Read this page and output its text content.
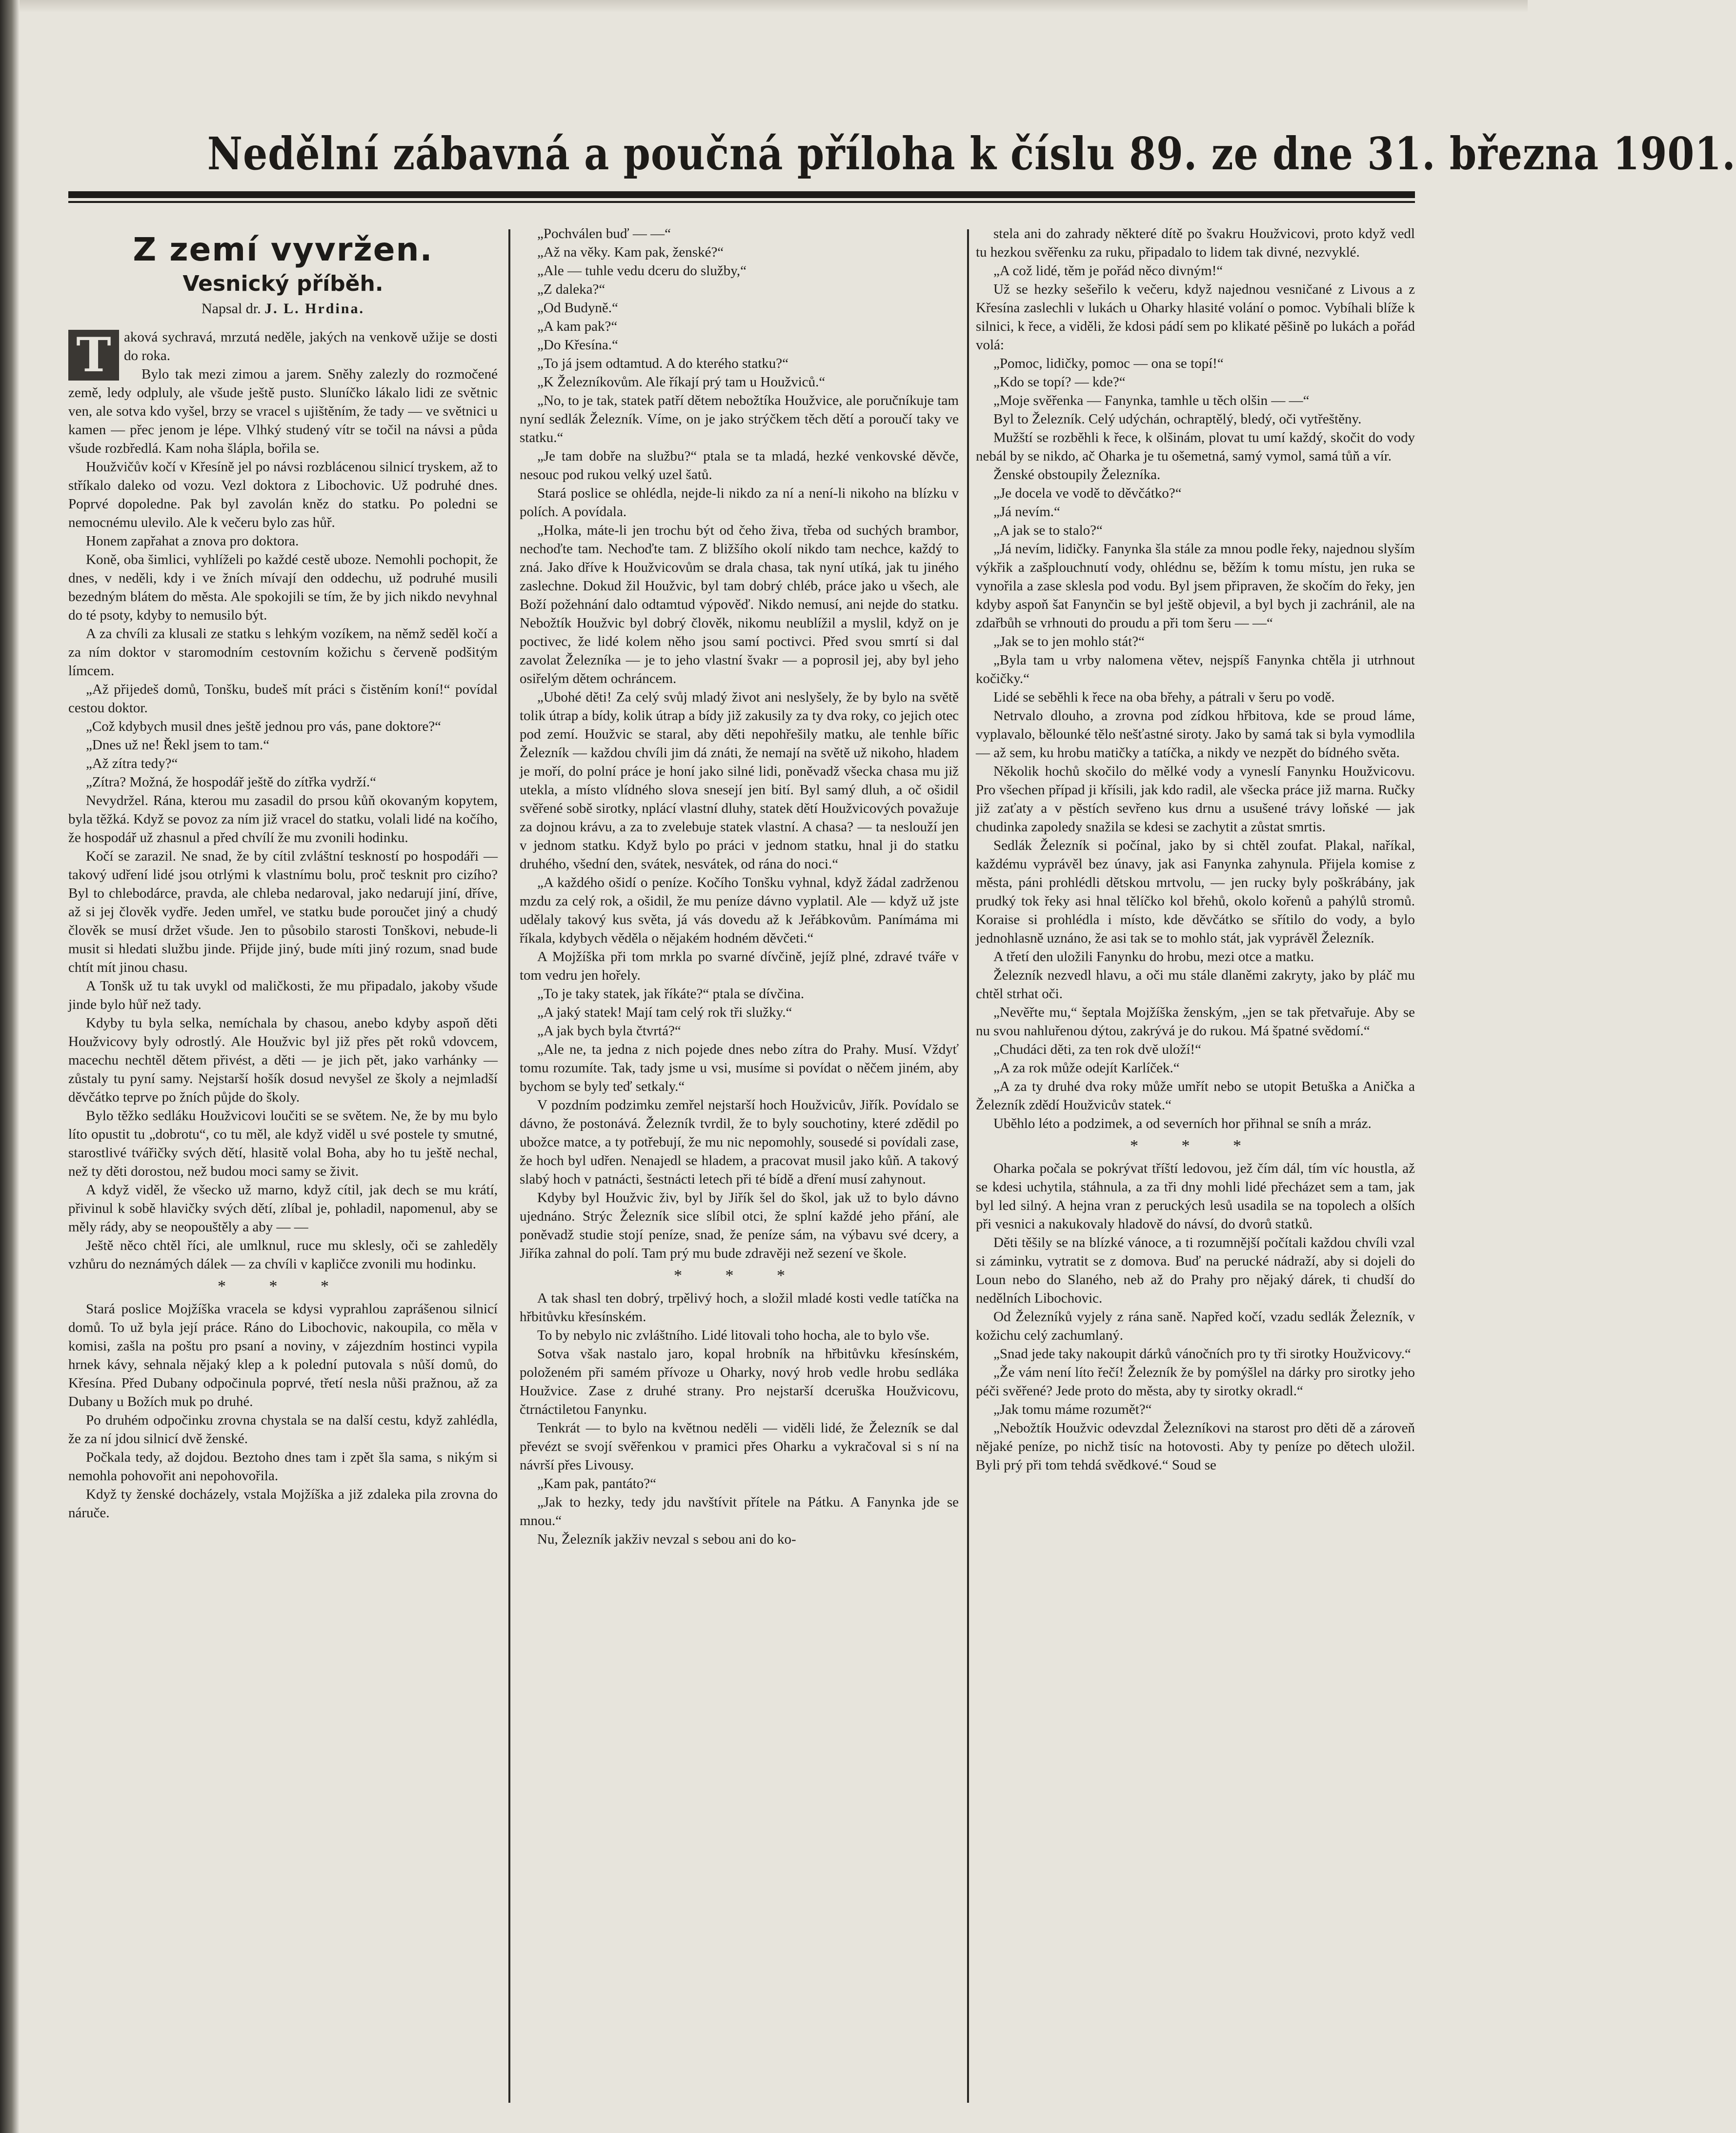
Nedělní zábavná a poučná příloha k číslu 89. ze dne 31. března 1901.
Z zemí vyvržen.
Vesnický příběh.
Napsal dr. J. L. Hrdina.

T aková sychravá, mrzutá neděle, jakých na venkově užije se dosti do roka.

Bylo tak mezi zimou a jarem. Sněhy zalezly do rozmočené země, ledy odpluly, ale všude ještě pusto. Sluníčko lákalo lidi ze světnic ven, ale sotva kdo vyšel, brzy se vracel s ujištěním, že tady — ve světnici u kamen — přec jenom je lépe. Vlhký studený vítr se točil na návsi a půda všude rozbředlá. Kam noha šlápla, bořila se.

Houžvičův kočí v Křesíně jel po návsi rozblácenou silnicí tryskem, až to stříkalo daleko od vozu. Vezl doktora z Libochovic. Už podruhé dnes. Poprvé dopoledne. Pak byl zavolán kněz do statku. Po poledni se nemocnému ulevilo. Ale k večeru bylo zas hůř.

Honem zapřahat a znova pro doktora.

Koně, oba šimlici, vyhlíželi po každé cestě uboze. Nemohli pochopit, že dnes, v neděli, kdy i ve žních mívají den oddechu, už podruhé musili bezedným blátem do města. Ale spokojili se tím, že by jich nikdo nevyhnal do té psoty, kdyby to nemusilo být.

A za chvíli za klusali ze statku s lehkým vozíkem, na němž seděl kočí a za ním doktor v staromodním cestovním kožichu s červeně podšitým límcem.

„Až přijedeš domů, Tonšku, budeš mít práci s čistěním koní!“ povídal cestou doktor.

„Což kdybych musil dnes ještě jednou pro vás, pane doktore?“

„Dnes už ne! Řekl jsem to tam.“

„Až zítra tedy?“

„Zítra? Možná, že hospodář ještě do zítřka vydrží.“

Nevydržel. Rána, kterou mu zasadil do prsou kůň okovaným kopytem, byla těžká. Když se povoz za ním již vracel do statku, volali lidé na kočího, že hospodář už zhasnul a před chvílí že mu zvonili hodinku.

Kočí se zarazil. Ne snad, že by cítil zvláštní teskností po hospodáři — takový udření lidé jsou otrlými k vlastnímu bolu, proč tesknit pro cizího? Byl to chlebodárce, pravda, ale chleba nedaroval, jako nedarují jiní, dříve, až si jej člověk vydře. Jeden umřel, ve statku bude poroučet jiný a chudý člověk se musí držet všude. Jen to působilo starosti Tonškovi, nebude-li musit si hledati službu jinde. Přijde jiný, bude míti jiný rozum, snad bude chtít mít jinou chasu.

A Tonšk už tu tak uvykl od maličkosti, že mu připadalo, jakoby všude jinde bylo hůř než tady.

Kdyby tu byla selka, nemíchala by chasou, anebo kdyby aspoň děti Houžvicovy byly odrostlý. Ale Houžvic byl již přes pět roků vdovcem, macechu nechtěl dětem přivést, a děti — je jich pět, jako varhánky — zůstaly tu pyní samy. Nejstarší hošík dosud nevyšel ze školy a nejmladší děvčátko teprve po žních půjde do školy.

Bylo těžko sedláku Houžvicovi loučiti se se světem. Ne, že by mu bylo líto opustit tu „dobrotu“, co tu měl, ale když viděl u své postele ty smutné, starostlivé tvářičky svých dětí, hlasitě volal Boha, aby ho tu ještě nechal, než ty děti dorostou, než budou moci samy se živit.

A když viděl, že všecko už marno, když cítil, jak dech se mu krátí, přivinul k sobě hlavičky svých dětí, zlíbal je, pohladil, napomenul, aby se měly rády, aby se neopouštěly a aby — —

Ještě něco chtěl říci, ale umlknul, ruce mu sklesly, oči se zahleděly vzhůru do neznámých dálek — za chvíli v kapličce zvonili mu hodinku.

* * *

Stará poslice Mojžíška vracela se kdysi vyprahlou zaprášenou silnicí domů. To už byla její práce. Ráno do Libochovic, nakoupila, co měla v komisi, zašla na poštu pro psaní a noviny, v zájezdním hostinci vypila hrnek kávy, sehnala nějaký klep a k polední putovala s nůší domů, do Křesína. Před Dubany odpočinula poprvé, třetí nesla nůši pražnou, až za Dubany u Božích muk po druhé.

Po druhém odpočinku zrovna chystala se na další cestu, když zahlédla, že za ní jdou silnicí dvě ženské.

Počkala tedy, až dojdou. Beztoho dnes tam i zpět šla sama, s nikým si nemohla pohovořit ani nepohovořila.

Když ty ženské docházely, vstala Mojžíška a již zdaleka pila zrovna do náruče.

„Pochválen buď — —“

„Až na věky. Kam pak, ženské?“

„Ale — tuhle vedu dceru do služby,“

„Z daleka?“

„Od Budyně.“

„A kam pak?“

„Do Křesína.“

„To já jsem odtamtud. A do kterého statku?“

„K Železníkovům. Ale říkají prý tam u Houžviců.“

„No, to je tak, statek patří dětem nebožtíka Houžvice, ale poručníkuje tam nyní sedlák Železník. Víme, on je jako strýčkem těch dětí a poroučí taky ve statku.“

„Je tam dobře na službu?“ ptala se ta mladá, hezké venkovské děvče, nesouc pod rukou velký uzel šatů.

Stará poslice se ohlédla, nejde-li nikdo za ní a není-li nikoho na blízku v polích. A povídala.

„Holka, máte-li jen trochu být od čeho živa, třeba od suchých brambor, nechoďte tam. Nechoďte tam. Z bližšího okolí nikdo tam nechce, každý to zná. Jako dříve k Houžvicovům se drala chasa, tak nyní utíká, jak tu jiného zaslechne. Dokud žil Houžvic, byl tam dobrý chléb, práce jako u všech, ale Boží požehnání dalo odtamtud výpověď. Nikdo nemusí, ani nejde do statku. Nebožtík Houžvic byl dobrý člověk, nikomu neublížil a myslil, když on je poctivec, že lidé kolem něho jsou samí poctivci. Před svou smrtí si dal zavolat Železníka — je to jeho vlastní švakr — a poprosil jej, aby byl jeho osiřelým dětem ochráncem.

„Ubohé děti! Za celý svůj mladý život ani neslyšely, že by bylo na světě tolik útrap a bídy, kolik útrap a bídy již zakusily za ty dva roky, co jejich otec pod zemí. Houžvic se staral, aby děti nepohřešily matku, ale tenhle bířic Železník — každou chvíli jim dá znáti, že nemají na světě už nikoho, hladem je moří, do polní práce je honí jako silné lidi, poněvadž všecka chasa mu již utekla, a místo vlídného slova snesejí jen bití. Byl samý dluh, a oč ošidil svěřené sobě sirotky, nplácí vlastní dluhy, statek dětí Houžvicových považuje za dojnou krávu, a za to zvelebuje statek vlastní. A chasa? — ta neslouží jen v jednom statku. Když bylo po práci v jednom statku, hnal ji do statku druhého, všední den, svátek, nesvátek, od rána do noci.“

„A každého ošidí o peníze. Kočího Tonšku vyhnal, když žádal zadrženou mzdu za celý rok, a ošidil, že mu peníze dávno vyplatil. Ale — když už jste udělaly takový kus světa, já vás dovedu až k Jeřábkovům. Panímáma mi říkala, kdybych věděla o nějakém hodném děvčeti.“

A Mojžíška při tom mrkla po svarné dívčině, jejíž plné, zdravé tváře v tom vedru jen hořely.

„To je taky statek, jak říkáte?“ ptala se dívčina.

„A jaký statek! Mají tam celý rok tři služky.“

„A jak bych byla čtvrtá?“

„Ale ne, ta jedna z nich pojede dnes nebo zítra do Prahy. Musí. Vždyť tomu rozumíte. Tak, tady jsme u vsi, musíme si povídat o něčem jiném, aby bychom se byly teď setkaly.“

V pozdním podzimku zemřel nejstarší hoch Houžvicův, Jiřík. Povídalo se dávno, že postonává. Železník tvrdil, že to byly souchotiny, které zdědil po ubožce matce, a ty potřebují, že mu nic nepomohly, sousedé si povídali zase, že hoch byl udřen. Nenajedl se hladem, a pracovat musil jako kůň. A takový slabý hoch v patnácti, šestnácti letech při té bídě a dření musí zahynout.

Kdyby byl Houžvic živ, byl by Jiřík šel do škol, jak už to bylo dávno ujednáno. Strýc Železník sice slíbil otci, že splní každé jeho přání, ale poněvadž studie stojí peníze, snad, že peníze sám, na výbavu své dcery, a Jiříka zahnal do polí. Tam prý mu bude zdravěji než sezení ve škole.

* * *

A tak shasl ten dobrý, trpělivý hoch, a složil mladé kosti vedle tatíčka na hřbitůvku křesínském.

To by nebylo nic zvláštního. Lidé litovali toho hocha, ale to bylo vše.

Sotva však nastalo jaro, kopal hrobník na hřbitůvku křesínském, položeném při samém přívoze u Oharky, nový hrob vedle hrobu sedláka Houžvice. Zase z druhé strany. Pro nejstarší dceruška Houžvicovu, čtrnáctiletou Fanynku.

Tenkrát — to bylo na květnou neděli — viděli lidé, že Železník se dal převézt se svojí svěřenkou v pramici přes Oharku a vykračoval si s ní na návrší přes Livousy.

„Kam pak, pantáto?“

„Jak to hezky, tedy jdu navštívit přítele na Pátku. A Fanynka jde se mnou.“

Nu, Železník jakživ nevzal s sebou ani do ko-

stela ani do zahrady některé dítě po švakru Houžvicovi, proto když vedl tu hezkou svěřenku za ruku, připadalo to lidem tak divné, nezvyklé.

„A což lidé, těm je pořád něco divným!“

Už se hezky sešeřilo k večeru, když najednou vesničané z Livous a z Křesína zaslechli v lukách u Oharky hlasité volání o pomoc. Vybíhali blíže k silnici, k řece, a viděli, že kdosi pádí sem po klikaté pěšině po lukách a pořád volá:

„Pomoc, lidičky, pomoc — ona se topí!“

„Kdo se topí? — kde?“

„Moje svěřenka — Fanynka, tamhle u těch olšin — —“

Byl to Železník. Celý udýchán, ochraptělý, bledý, oči vytřeštěny.

Mužští se rozběhli k řece, k olšinám, plovat tu umí každý, skočit do vody nebál by se nikdo, ač Oharka je tu ošemetná, samý vymol, samá tůň a vír.

Ženské obstoupily Železníka.

„Je docela ve vodě to děvčátko?“

„Já nevím.“

„A jak se to stalo?“

„Já nevím, lidičky. Fanynka šla stále za mnou podle řeky, najednou slyším výkřik a zašplouchnutí vody, ohlédnu se, běžím k tomu místu, jen ruka se vynořila a zase sklesla pod vodu. Byl jsem připraven, že skočím do řeky, jen kdyby aspoň šat Fanynčin se byl ještě objevil, a byl bych ji zachránil, ale na zdařbůh se vrhnouti do proudu a při tom šeru — —“

„Jak se to jen mohlo stát?“

„Byla tam u vrby nalomena větev, nejspíš Fanynka chtěla ji utrhnout kočičky.“

Lidé se seběhli k řece na oba břehy, a pátrali v šeru po vodě.

Netrvalo dlouho, a zrovna pod zídkou hřbitova, kde se proud láme, vyplavalo, bělounké tělo nešťastné siroty. Jako by samá tak si byla vymodlila — až sem, ku hrobu matičky a tatíčka, a nikdy ve nezpět do bídného světa.

Několik hochů skočilo do mělké vody a vyneslí Fanynku Houžvicovu. Pro všechen případ ji křísili, jak kdo radil, ale všecka práce již marna. Ručky již zaťaty a v pěstích sevřeno kus drnu a usušené trávy loňské — jak chudinka zapoledy snažila se kdesi se zachytit a zůstat smrtis.

Sedlák Železník si počínal, jako by si chtěl zoufat. Plakal, naříkal, každému vyprávěl bez únavy, jak asi Fanynka zahynula. Přijela komise z města, páni prohlédli dětskou mrtvolu, — jen rucky byly poškrábány, jak prudký tok řeky asi hnal tělíčko kol břehů, okolo kořenů a pahýlů stromů. Koraise si prohlédla i místo, kde děvčátko se sřítilo do vody, a bylo jednohlasně uznáno, že asi tak se to mohlo stát, jak vyprávěl Železník.

A třetí den uložili Fanynku do hrobu, mezi otce a matku.

Železník nezvedl hlavu, a oči mu stále dlaněmi zakryty, jako by pláč mu chtěl strhat oči.

„Nevěřte mu,“ šeptala Mojžíška ženským, „jen se tak přetvařuje. Aby se nu svou nahluřenou dýtou, zakrývá je do rukou. Má špatné svědomí.“

„Chudáci děti, za ten rok dvě uloží!“

„A za rok může odejít Karlíček.“

„A za ty druhé dva roky může umřít nebo se utopit Betuška a Anička a Železník zdědí Houžvicův statek.“

Uběhlo léto a podzimek, a od severních hor přihnal se sníh a mráz.

* * *

Oharka počala se pokrývat tříští ledovou, jež čím dál, tím víc houstla, až se kdesi uchytila, stáhnula, a za tři dny mohli lidé přecházet sem a tam, jak byl led silný. A hejna vran z peruckých lesů usadila se na topolech a olších při vesnici a nakukovaly hladově do návsí, do dvorů statků.

Děti těšily se na blízké vánoce, a ti rozumnější počítali každou chvíli vzal si záminku, vytratit se z domova. Buď na perucké nádraží, aby si dojeli do Loun nebo do Slaného, neb až do Prahy pro nějaký dárek, ti chudší do nedělních Libochovic.

Od Železníků vyjely z rána saně. Napřed kočí, vzadu sedlák Železník, v kožichu celý zachumlaný.

„Snad jede taky nakoupit dárků vánočních pro ty tři sirotky Houžvicovy.“

„Že vám není líto řečí! Železník že by pomýšlel na dárky pro sirotky jeho péči svěřené? Jede proto do města, aby ty sirotky okradl.“

„Jak tomu máme rozumět?“

„Nebožtík Houžvic odevzdal Železníkovi na starost pro děti dě a zároveň nějaké peníze, po nichž tisíc na hotovosti. Aby ty peníze po dětech uložil. Byli prý při tom tehdá svědkové.“ Soud se
